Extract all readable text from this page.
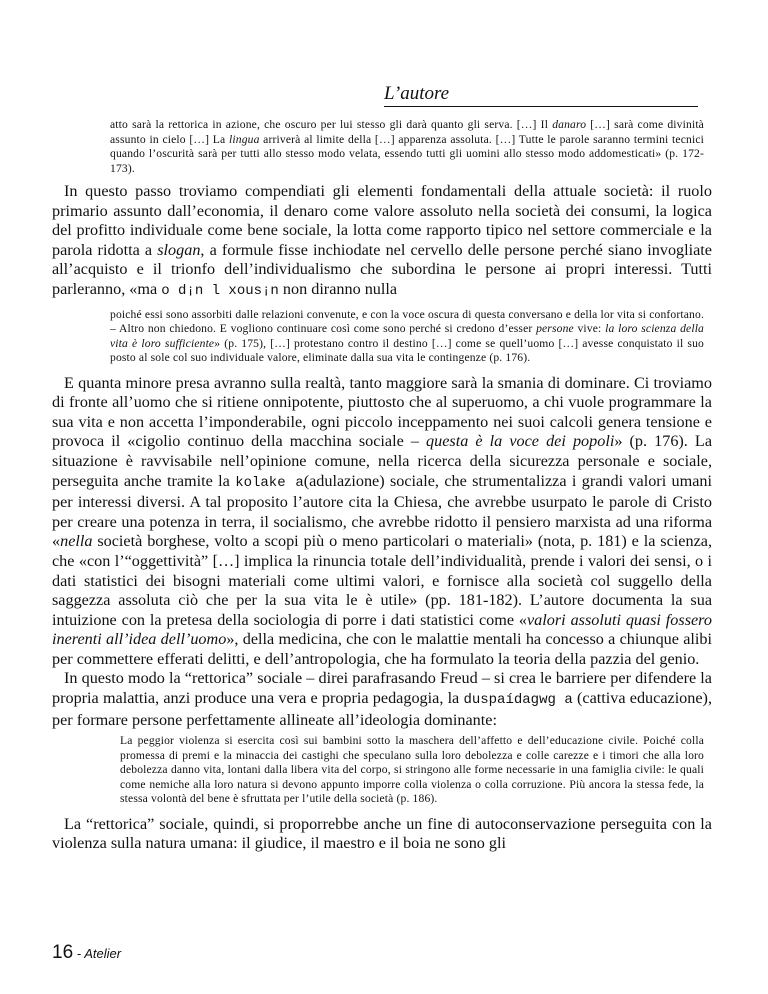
L’autore

atto sarà la rettorica in azione, che oscuro per lui stesso gli darà quanto gli serva. […] Il danaro […] sarà come divinità assunto in cielo […] La lingua arriverà al limite della […] apparenza assoluta. […] Tutte le parole saranno termini tecnici quando l’oscurità sarà per tutti allo stesso modo velata, essendo tutti gli uomini allo stesso modo addomesticati» (p. 172-173).

In questo passo troviamo compendiati gli elementi fondamentali della attuale società: il ruolo primario assunto dall’economia, il denaro come valore assoluto nella società dei consumi, la logica del profitto individuale come bene sociale, la lotta come rapporto tipico nel settore commerciale e la parola ridotta a slogan, a formule fisse inchiodate nel cervello delle persone perché siano invogliate all’acquisto e il trionfo dell’individualismo che subordina le persone ai propri interessi. Tutti parleranno, «ma o d¡n l xous¡n non diranno nulla

poiché essi sono assorbiti dalle relazioni convenute, e con la voce oscura di questa conversano e della lor vita si confortano. – Altro non chiedono. E vogliono continuare così come sono perché si credono d’esser persone vive: la loro scienza della vita è loro sufficiente» (p. 175), […] protestano contro il destino […] come se quell’uomo […] avesse conquistato il suo posto al sole col suo individuale valore, eliminate dalla sua vita le contingenze (p. 176).

E quanta minore presa avranno sulla realtà, tanto maggiore sarà la smania di dominare. Ci troviamo di fronte all’uomo che si ritiene onnipotente, piuttosto che al superuomo, a chi vuole programmare la sua vita e non accetta l’imponderabile, ogni piccolo inceppamento nei suoi calcoli genera tensione e provoca il «cigolio continuo della macchina sociale – questa è la voce dei popoli» (p. 176). La situazione è ravvisabile nell’opinione comune, nella ricerca della sicurezza personale e sociale, perseguita anche tramite la kolake a(adulazione) sociale, che strumentalizza i grandi valori umani per interessi diversi. A tal proposito l’autore cita la Chiesa, che avrebbe usurpato le parole di Cristo per creare una potenza in terra, il socialismo, che avrebbe ridotto il pensiero marxista ad una riforma «nella società borghese, volto a scopi più o meno particolari o materiali» (nota, p. 181) e la scienza, che «con l’“oggettività” […] implica la rinuncia totale dell’individualità, prende i valori dei sensi, o i dati statistici dei bisogni materiali come ultimi valori, e fornisce alla società col suggello della saggezza assoluta ciò che per la sua vita le è utile» (pp. 181-182). L’autore documenta la sua intuizione con la pretesa della sociologia di porre i dati statistici come «valori assoluti quasi fossero inerenti all’idea dell’uomo», della medicina, che con le malattie mentali ha concesso a chiunque alibi per commettere efferati delitti, e dell’antropologia, che ha formulato la teoria della pazzia del genio.

In questo modo la “rettorica” sociale – direi parafrasando Freud – si crea le barriere per difendere la propria malattia, anzi produce una vera e propria pedagogia, la duspaídagwg a (cattiva educazione), per formare persone perfettamente allineate all’ideologia dominante:

La peggior violenza si esercita così sui bambini sotto la maschera dell’affetto e dell’educazione civile. Poiché colla promessa di premi e la minaccia dei castighi che speculano sulla loro debolezza e colle carezze e i timori che alla loro debolezza danno vita, lontani dalla libera vita del corpo, si stringono alle forme necessarie in una famiglia civile: le quali come nemiche alla loro natura si devono appunto imporre colla violenza o colla corruzione. Più ancora la stessa fede, la stessa volontà del bene è sfruttata per l’utile della società (p. 186).

La “rettorica” sociale, quindi, si proporrebbe anche un fine di autoconservazione perseguita con la violenza sulla natura umana: il giudice, il maestro e il boia ne sono gli

16 - Atelier
